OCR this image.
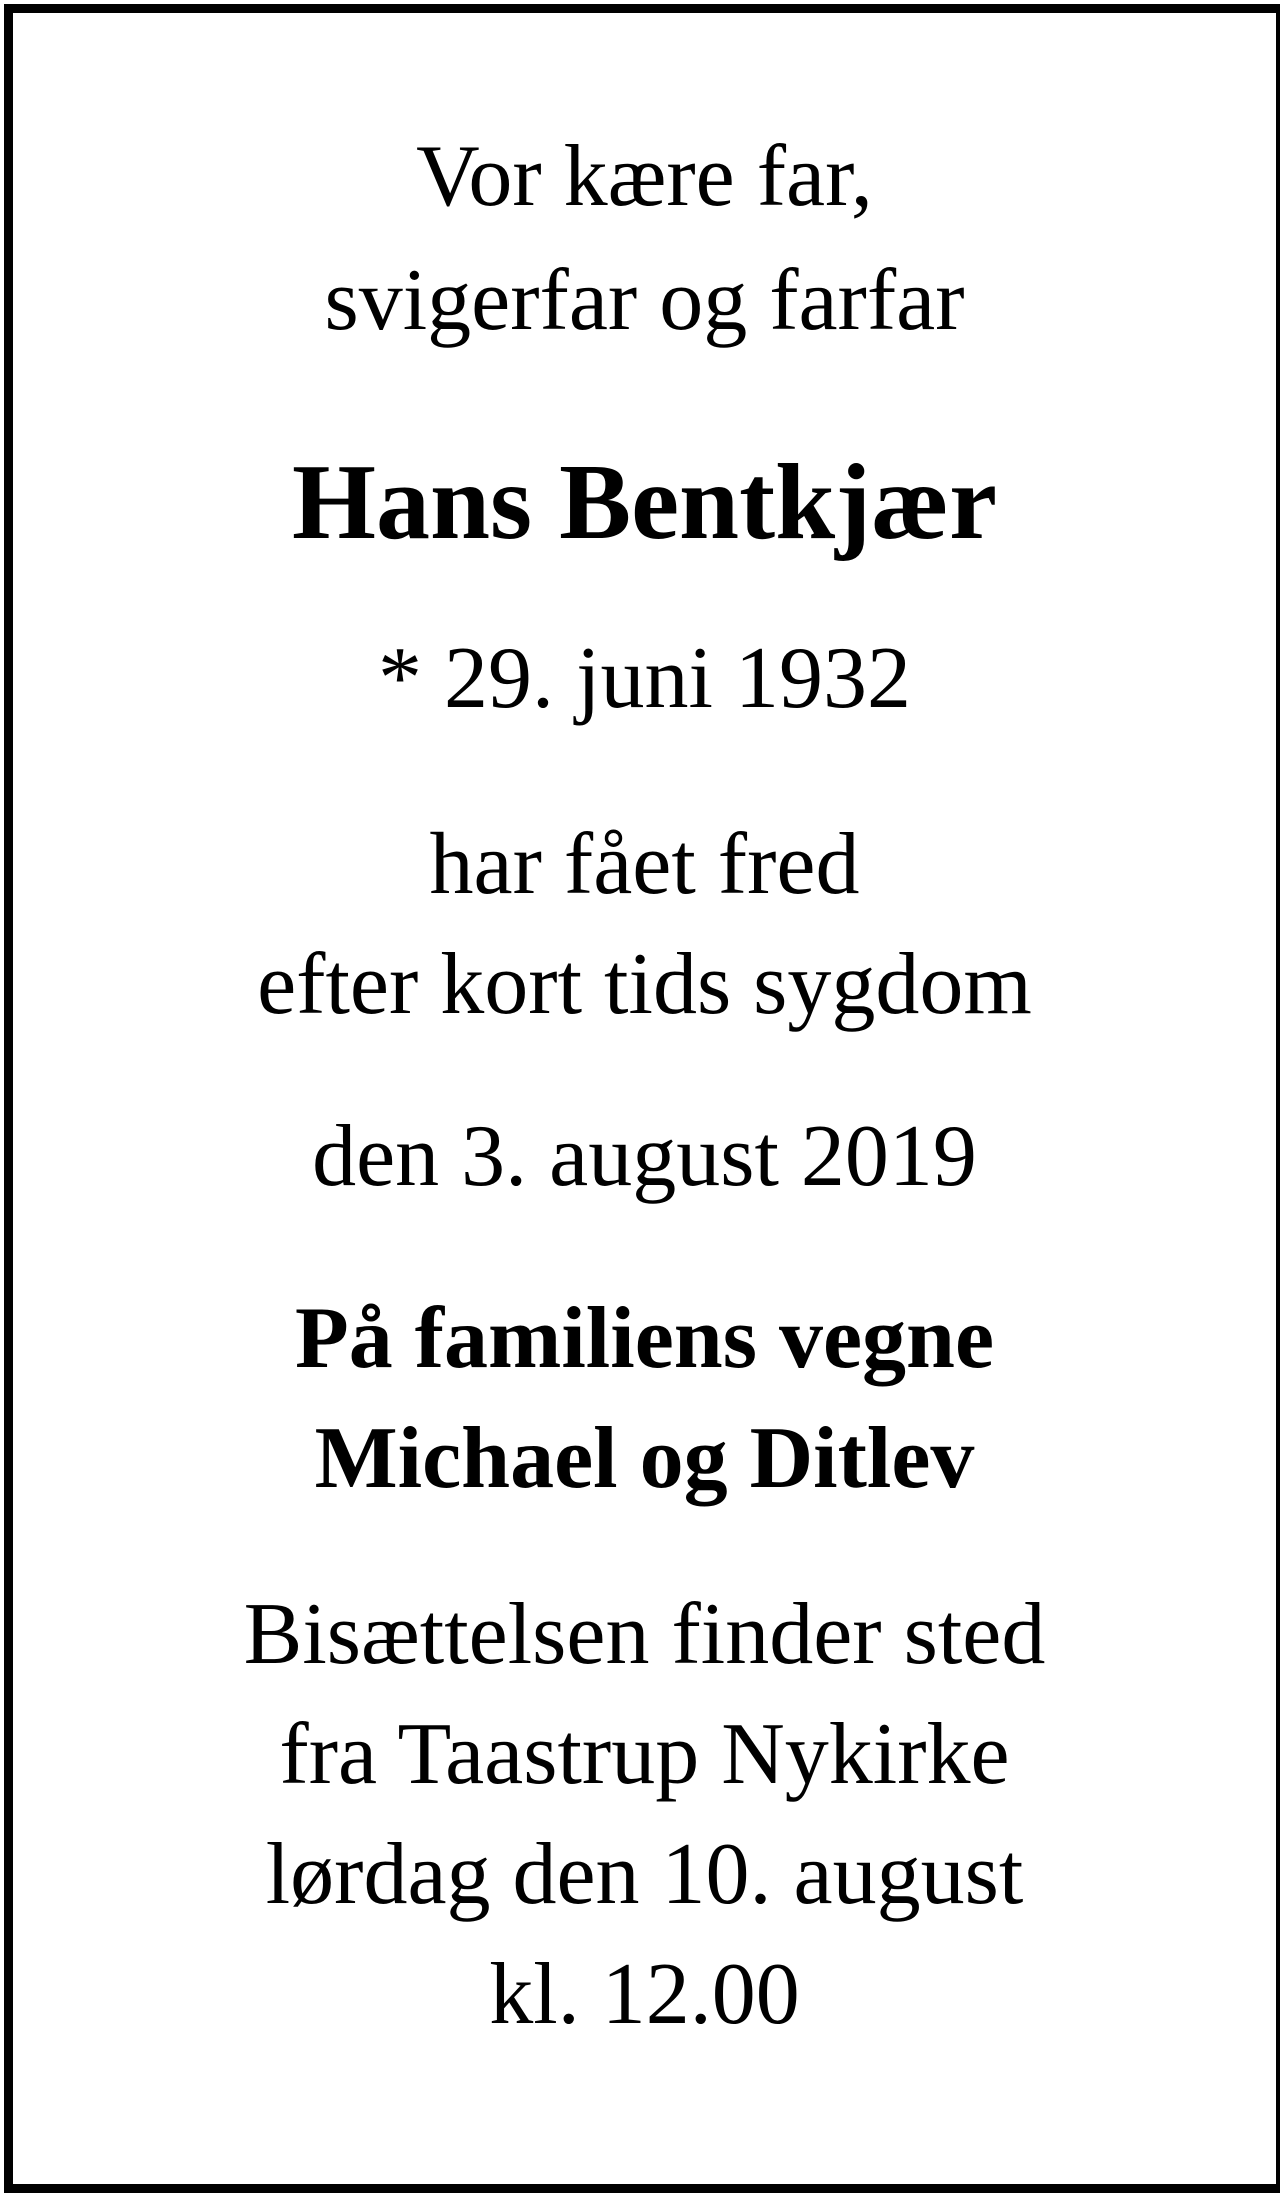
Vor kære far,

svigerfar og farfar

Hans Bentkjær

* 29. juni 1932

har fået fred

efter kort tids sygdom

den 3. august 2019

På familiens vegne

Michael og Ditlev

Bisættelsen finder sted

fra Taastrup Nykirke

lørdag den 10. august

kl. 12.00
